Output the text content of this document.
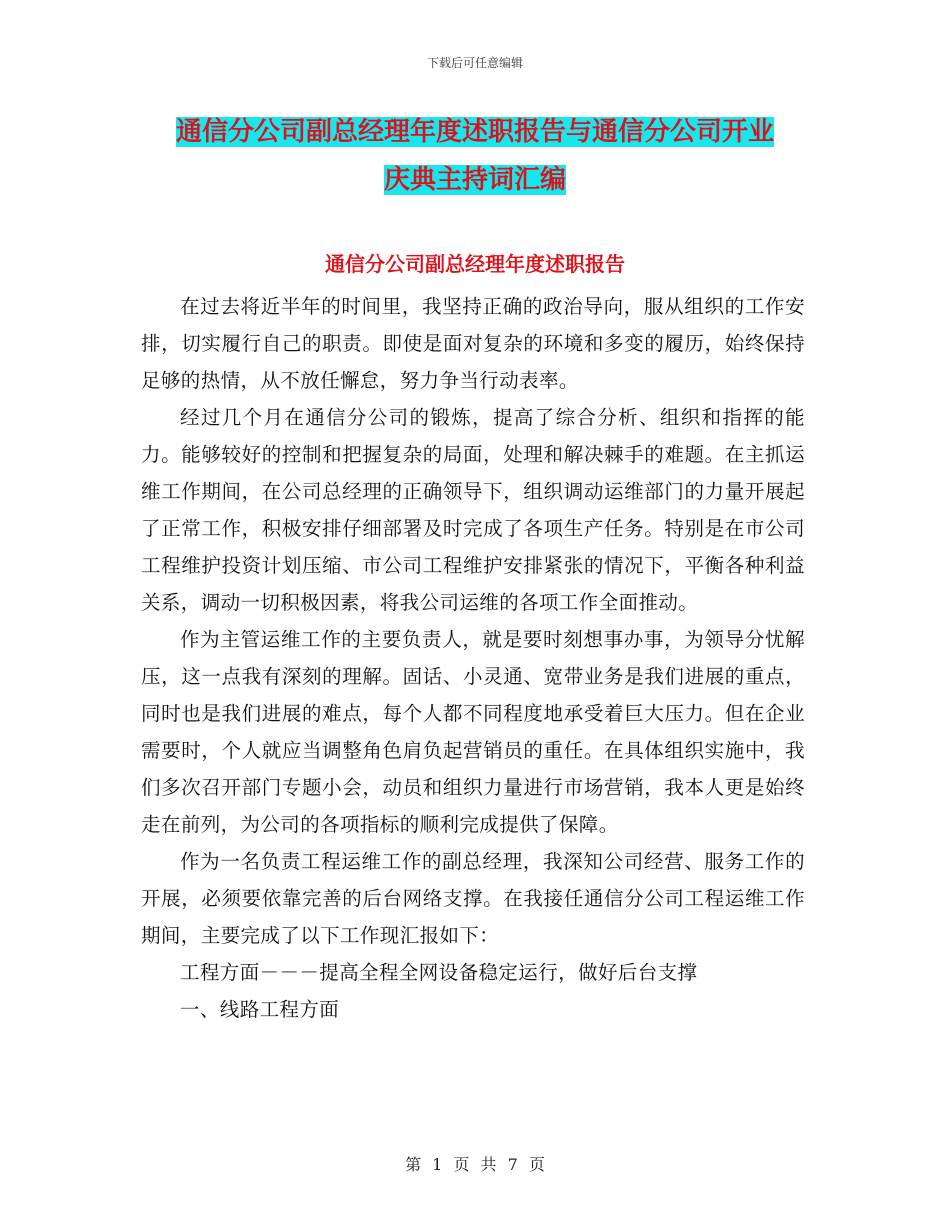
下载后可任意编辑
通信分公司副总经理年度述职报告与通信分公司开业
庆典主持词汇编
通信分公司副总经理年度述职报告

在过去将近半年的时间里，我坚持正确的政治导向，服从组织的工作安排，切实履行自己的职责。即使是面对复杂的环境和多变的履历，始终保持足够的热情，从不放任懈怠，努力争当行动表率。

经过几个月在通信分公司的锻炼，提高了综合分析、组织和指挥的能力。能够较好的控制和把握复杂的局面，处理和解决棘手的难题。在主抓运维工作期间，在公司总经理的正确领导下，组织调动运维部门的力量开展起了正常工作，积极安排仔细部署及时完成了各项生产任务。特别是在市公司工程维护投资计划压缩、市公司工程维护安排紧张的情况下，平衡各种利益关系，调动一切积极因素，将我公司运维的各项工作全面推动。

作为主管运维工作的主要负责人，就是要时刻想事办事，为领导分忧解压，这一点我有深刻的理解。固话、小灵通、宽带业务是我们进展的重点，同时也是我们进展的难点，每个人都不同程度地承受着巨大压力。但在企业需要时，个人就应当调整角色肩负起营销员的重任。在具体组织实施中，我们多次召开部门专题小会，动员和组织力量进行市场营销，我本人更是始终走在前列，为公司的各项指标的顺利完成提供了保障。

作为一名负责工程运维工作的副总经理，我深知公司经营、服务工作的开展，必须要依靠完善的后台网络支撑。在我接任通信分公司工程运维工作期间，主要完成了以下工作现汇报如下：

工程方面－－－提高全程全网设备稳定运行，做好后台支撑

一、线路工程方面

第 1 页 共 7 页
